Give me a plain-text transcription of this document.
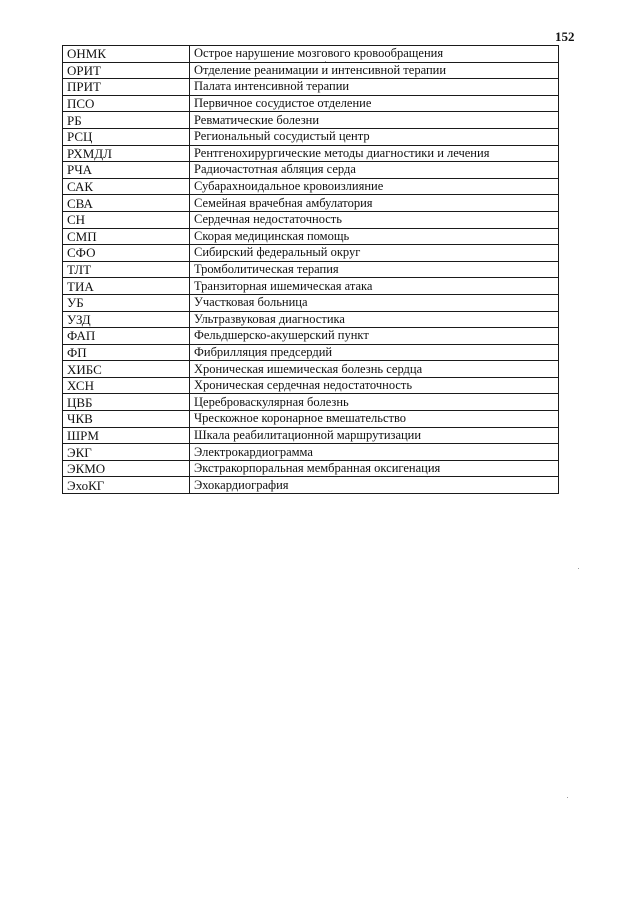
152
ОНМК	Острое нарушение мозгового кровообращения
ОРИТ	Отделение реанимации и интенсивной терапии
ПРИТ	Палата интенсивной терапии
ПСО	Первичное сосудистое отделение
РБ	Ревматические болезни
РСЦ	Региональный сосудистый центр
РХМДЛ	Рентгенохирургические методы диагностики и лечения
РЧА	Радиочастотная абляция серда
САК	Субарахноидальное кровоизлияние
СВА	Семейная врачебная амбулатория
СН	Сердечная недостаточность
СМП	Скорая медицинская помощь
СФО	Сибирский федеральный округ
ТЛТ	Тромболитическая терапия
ТИА	Транзиторная ишемическая атака
УБ	Участковая больница
УЗД	Ультразвуковая диагностика
ФАП	Фельдшерско-акушерский пункт
ФП	Фибрилляция предсердий
ХИБС	Хроническая ишемическая болезнь сердца
ХСН	Хроническая сердечная недостаточность
ЦВБ	Цереброваскулярная болезнь
ЧКВ	Чрескожное коронарное вмешательство
ШРМ	Шкала реабилитационной маршрутизации
ЭКГ	Электрокардиограмма
ЭКМО	Экстракорпоральная мембранная оксигенация
ЭхоКГ	Эхокардиография
